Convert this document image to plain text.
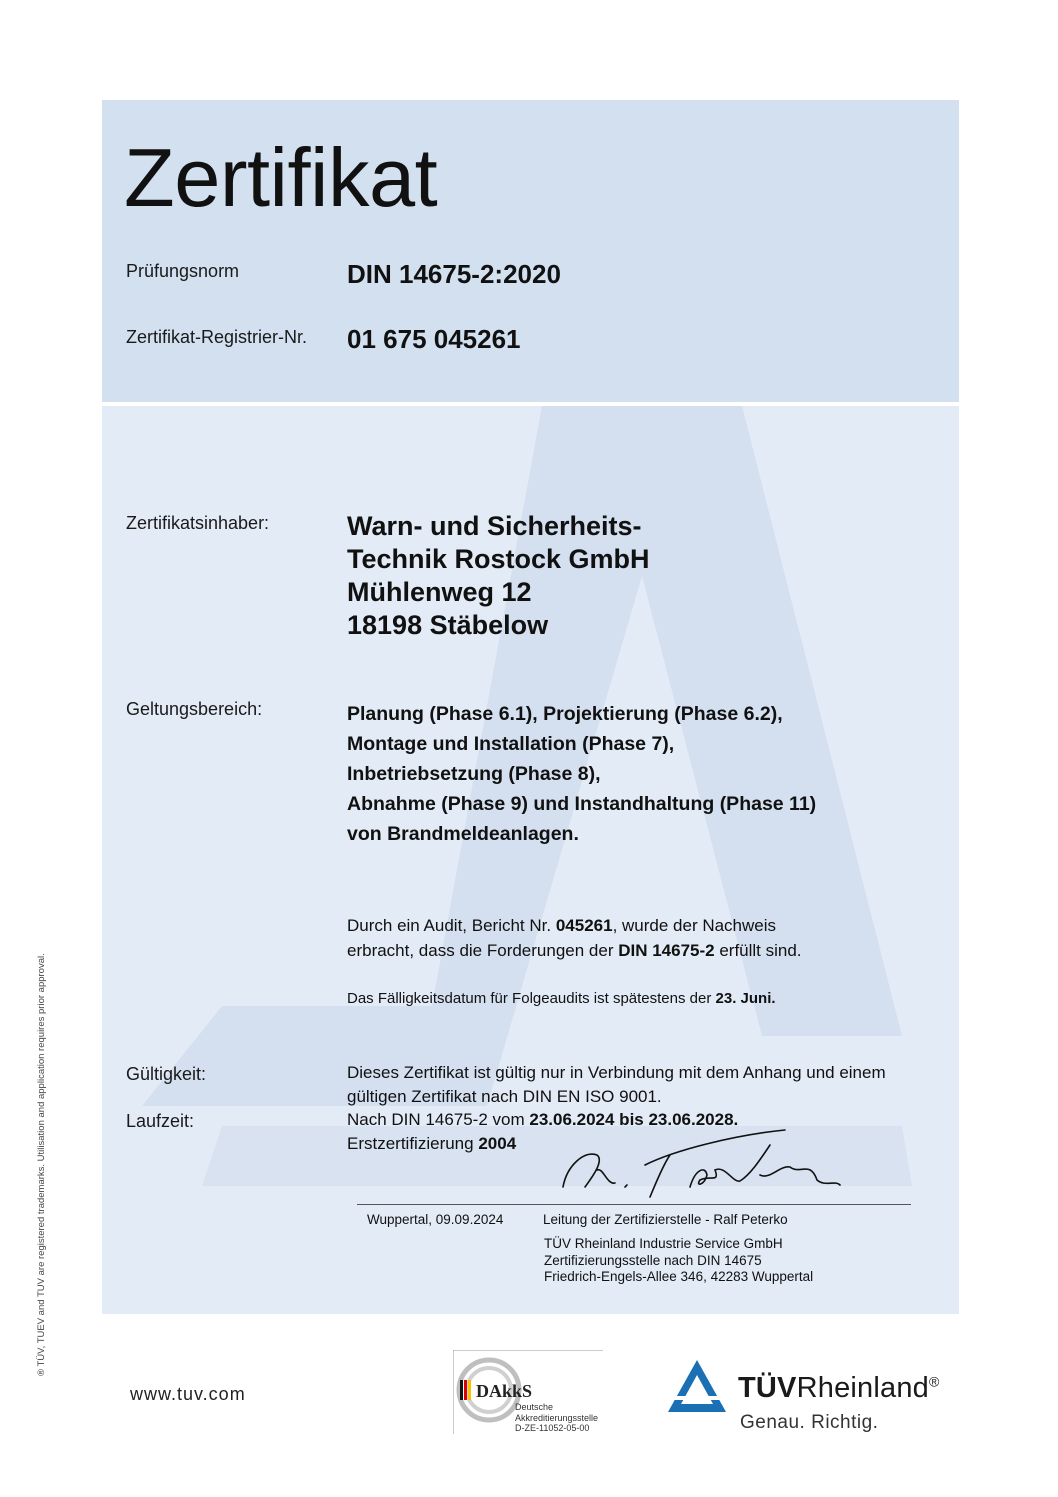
Zertifikat
Prüfungsnorm	DIN 14675-2:2020
Zertifikat-Registrier-Nr. 01 675 045261
Zertifikatsinhaber:	Warn- und Sicherheits-
Technik Rostock GmbH
Mühlenweg 12
18198 Stäbelow
Geltungsbereich:	Planung (Phase 6.1), Projektierung (Phase 6.2),
Montage und Installation (Phase 7),
Inbetriebsetzung (Phase 8),
Abnahme (Phase 9) und Instandhaltung (Phase 11)
von Brandmeldeanlagen.
Durch ein Audit, Bericht Nr. 045261, wurde der Nachweis
erbracht, dass die Forderungen der DIN 14675-2 erfüllt sind.
Das Fälligkeitsdatum für Folgeaudits ist spätestens der 23. Juni.
Gültigkeit:	Dieses Zertifikat ist gültig nur in Verbindung mit dem Anhang und einem
gültigen Zertifikat nach DIN EN ISO 9001.
Laufzeit:	Nach DIN 14675-2 vom 23.06.2024 bis 23.06.2028.
Erstzertifizierung 2004
Wuppertal, 09.09.2024	Leitung der Zertifizierstelle - Ralf Peterko
TÜV Rheinland Industrie Service GmbH
Zertifizierungsstelle nach DIN 14675
Friedrich-Engels-Allee 346, 42283 Wuppertal
® TÜV, TUEV and TUV are registered trademarks. Utilisation and application requires prior approval.
www.tuv.com	DAkkS
Deutsche
Akkreditierungsstelle
D-ZE-11052-05-00
TÜVRheinland®
Genau. Richtig.
